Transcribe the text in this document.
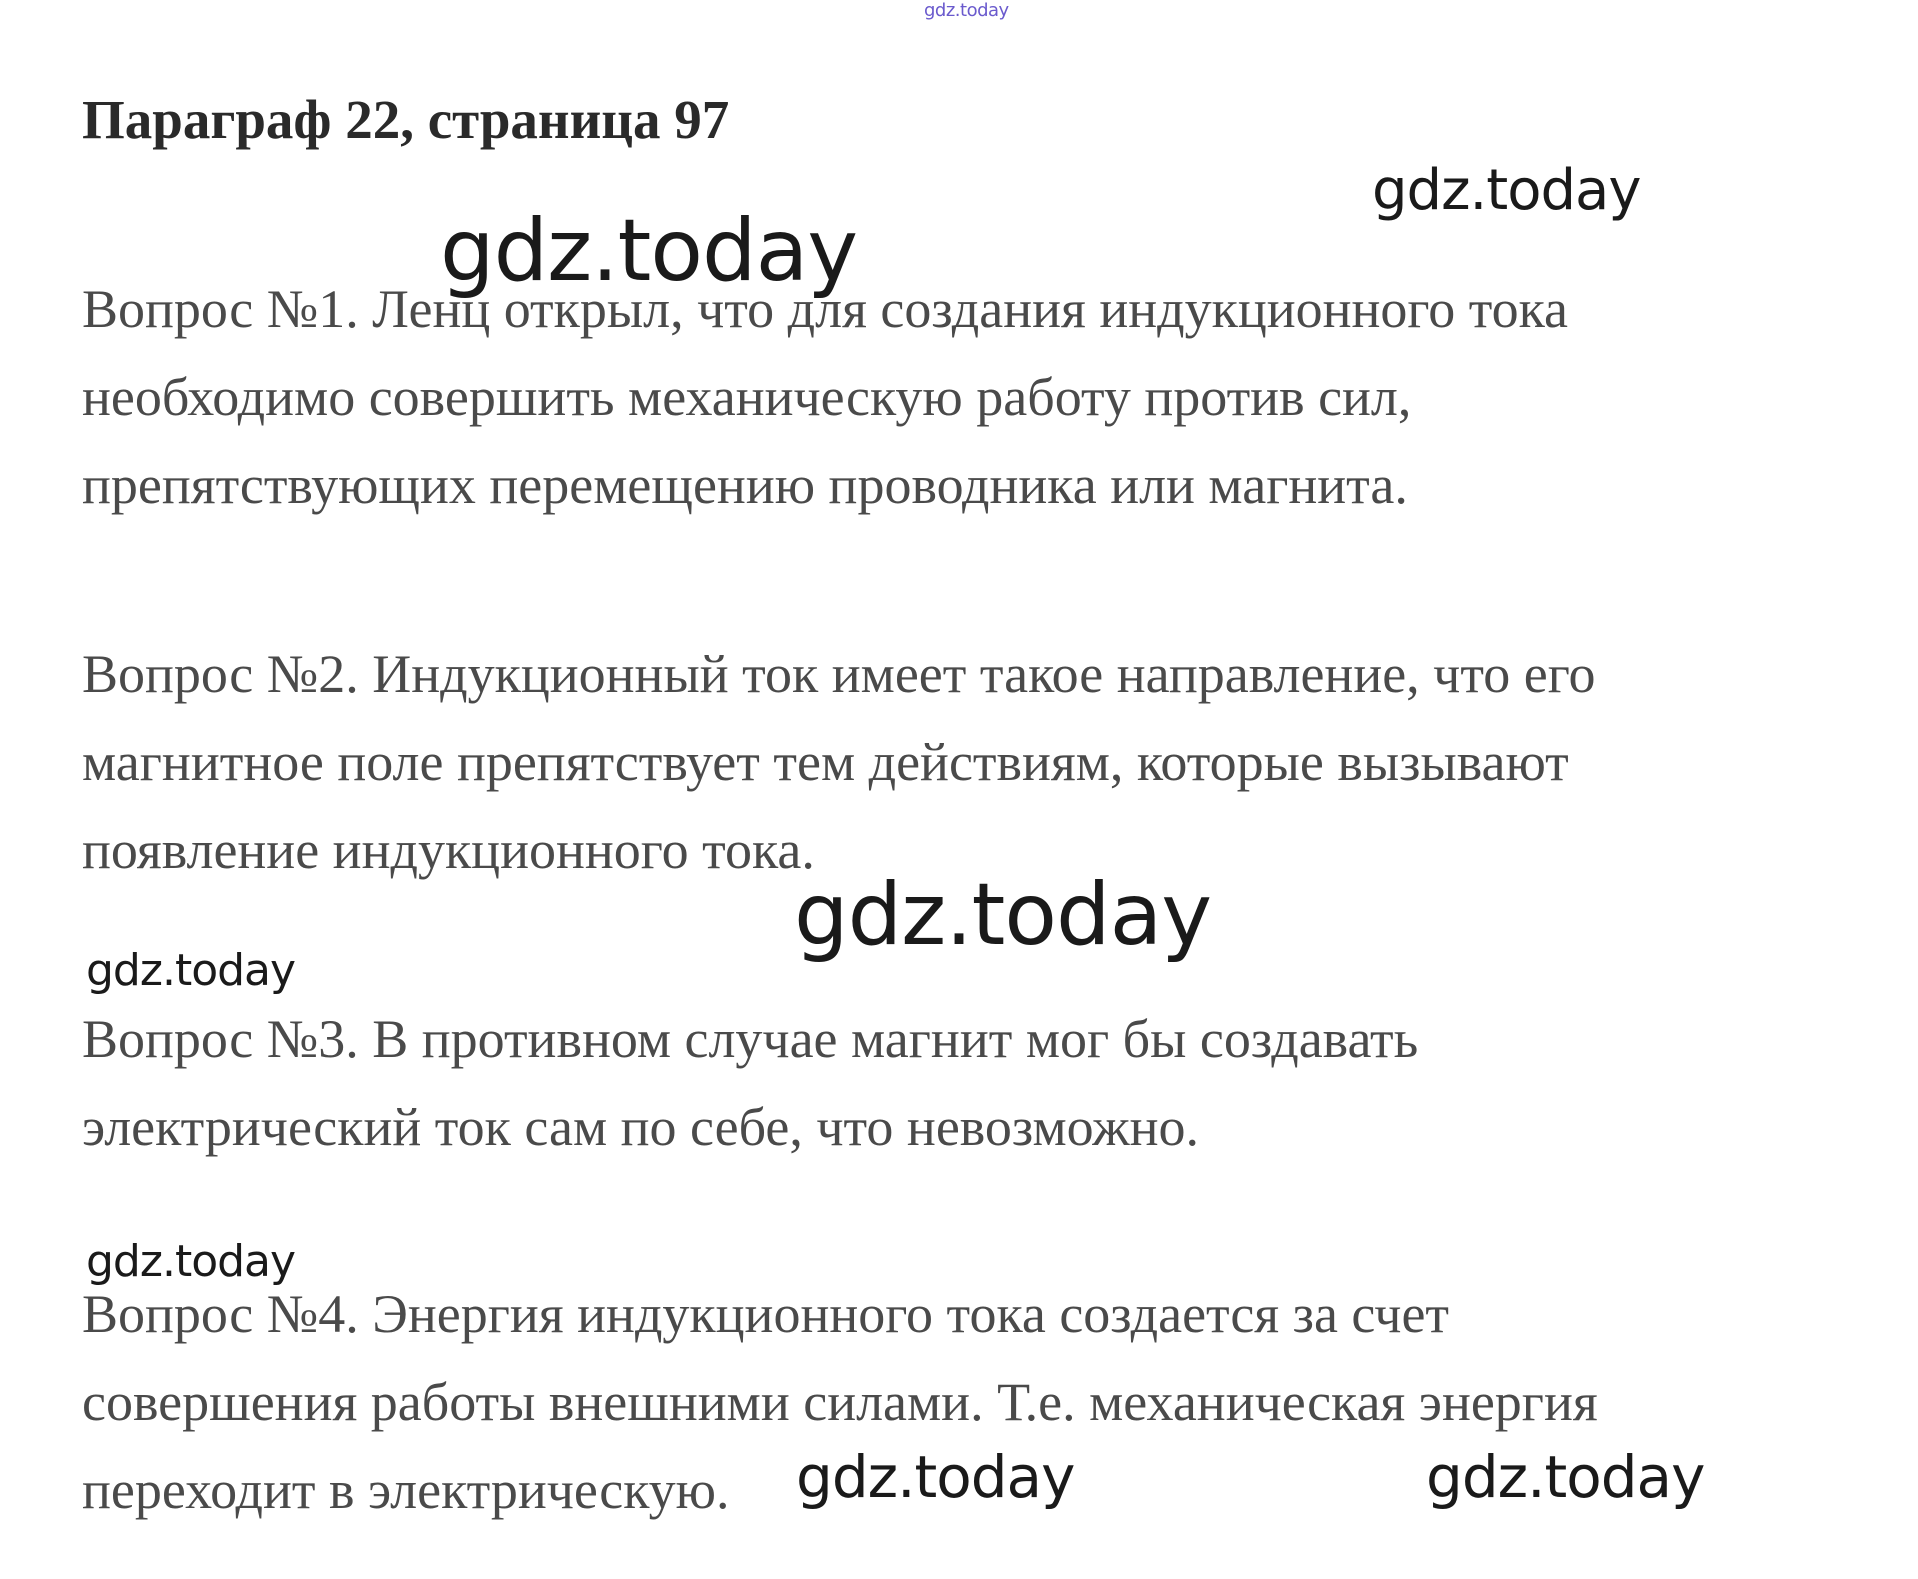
gdz.today
Параграф 22, страница 97
gdz.today
gdz.today
gdz.today
gdz.today
gdz.today
gdz.today	gdz.today
Вопрос №1. Ленц открыл, что для создания индукционного тока
необходимо совершить механическую работу против сил,
препятствующих перемещению проводника или магнита.
Вопрос №2. Индукционный ток имеет такое направление, что его
магнитное поле препятствует тем действиям, которые вызывают
появление индукционного тока.
Вопрос №3. В противном случае магнит мог бы создавать
электрический ток сам по себе, что невозможно.
Вопрос №4. Энергия индукционного тока создается за счет
совершения работы внешними силами. Т.е. механическая энергия
переходит в электрическую.
